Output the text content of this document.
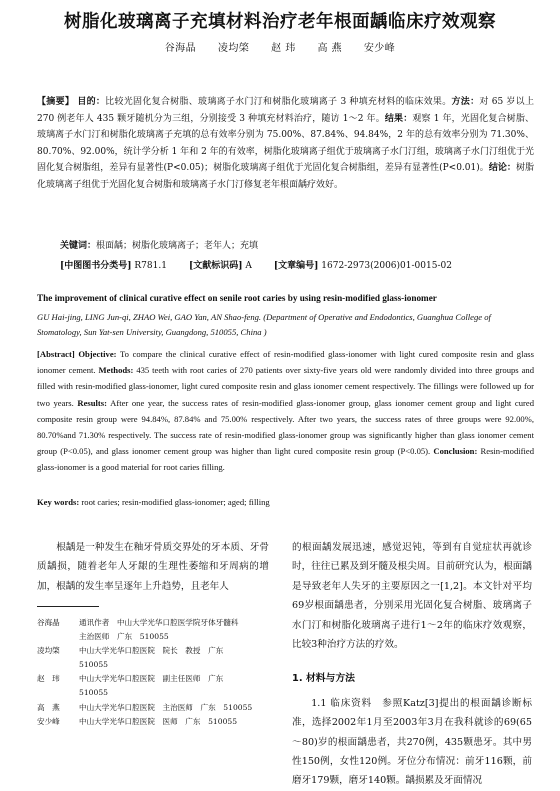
树脂化玻璃离子充填材料治疗老年根面龋临床疗效观察
谷海晶 凌均棨 赵 玮 高 燕 安少峰
【摘要】 目的：比较光固化复合树脂、玻璃离子水门汀和树脂化玻璃离子 3 种填充材料的临床效果。方法：对 65 岁以上 270 例老年人 435 颗牙随机分为三组，分别接受 3 种填充材料治疗，随访 1～2 年。结果：观察 1 年，光固化复合树脂、玻璃离子水门汀和树脂化玻璃离子充填的总有效率分别为 75.00%、87.84%、94.84%，2 年的总有效率分别为 71.30%、80.70%、92.00%，统计学分析 1 年和 2 年的有效率，树脂化玻璃离子组优于玻璃离子水门汀组，玻璃离子水门汀组优于光固化复合树脂组，差异有显著性(P<0.05)；树脂化玻璃离子组优于光固化复合树脂组，差异有显著性(P<0.01)。结论：树脂化玻璃离子组优于光固化复合树脂和玻璃离子水门汀修复老年根面龋疗效好。
关键词：根面龋；树脂化玻璃离子；老年人；充填
[中图图书分类号] R781.1 [文献标识码] A [文章编号] 1672-2973(2006)01-0015-02
The improvement of clinical curative effect on senile root caries by using resin-modified glass-ionomer
GU Hai-jing, LING Jun-qi, ZHAO Wei, GAO Yan, AN Shao-feng. (Department of Operative and Endodontics, Guanghua College of Stomatology, Sun Yat-sen University, Guangdong, 510055, China )
[Abstract] Objective: To compare the clinical curative effect of resin-modified glass-ionomer with light cured composite resin and glass ionomer cement. Methods: 435 teeth with root caries of 270 patients over sixty-five years old were randomly divided into three groups and filled with resin-modified glass-ionomer, light cured composite resin and glass ionomer cement respectively. The fillings were followed up for two years. Results: After one year, the success rates of resin-modified glass-ionomer group, glass ionomer cement group and light cured composite resin group were 94.84%, 87.84% and 75.00% respectively. After two years, the success rates of three groups were 92.00%, 80.70%and 71.30% respectively. The success rate of resin-modified glass-ionomer group was significantly higher than glass ionomer cement group (P<0.05), and glass ionomer cement group was higher than light cured composite resin group (P<0.05). Conclusion: Resin-modified glass-ionomer is a good material for root caries filling.
Key words: root caries; resin-modified glass-ionomer; aged; filling

根龋是一种发生在釉牙骨质交界处的牙本质、牙骨质龋损，随着老年人牙龈的生理性萎缩和牙周病的增加，根龋的发生率呈逐年上升趋势，且老年人

谷海晶	通讯作者　中山大学光华口腔医学院牙体牙髓科
主治医师　广东　510055
凌均棨	中山大学光华口腔医院　院长　教授　广东
510055
赵　玮	中山大学光华口腔医院　副主任医师　广东
510055
高　燕	中山大学光华口腔医院　主治医师　广东　510055
安少峰	中山大学光华口腔医院　医师　广东　510055

的根面龋发展迅速，感觉迟钝，等到有自觉症状再就诊时，往往已累及到牙髓及根尖周。目前研究认为，根面龋是导致老年人失牙的主要原因之一[1,2]。本文针对平均69岁根面龋患者，分别采用光固化复合树脂、玻璃离子水门汀和树脂化玻璃离子进行1～2年的临床疗效观察，比较3种治疗方法的疗效。

1. 材料与方法

1.1 临床资料　参照Katz[3]提出的根面龋诊断标准，选择2002年1月至2003年3月在我科就诊的69(65～80)岁的根面龋患者，共270例，435颗患牙。其中男性150例，女性120例。牙位分布情况：前牙116颗，前磨牙179颗，磨牙140颗。龋损累及牙面情况
